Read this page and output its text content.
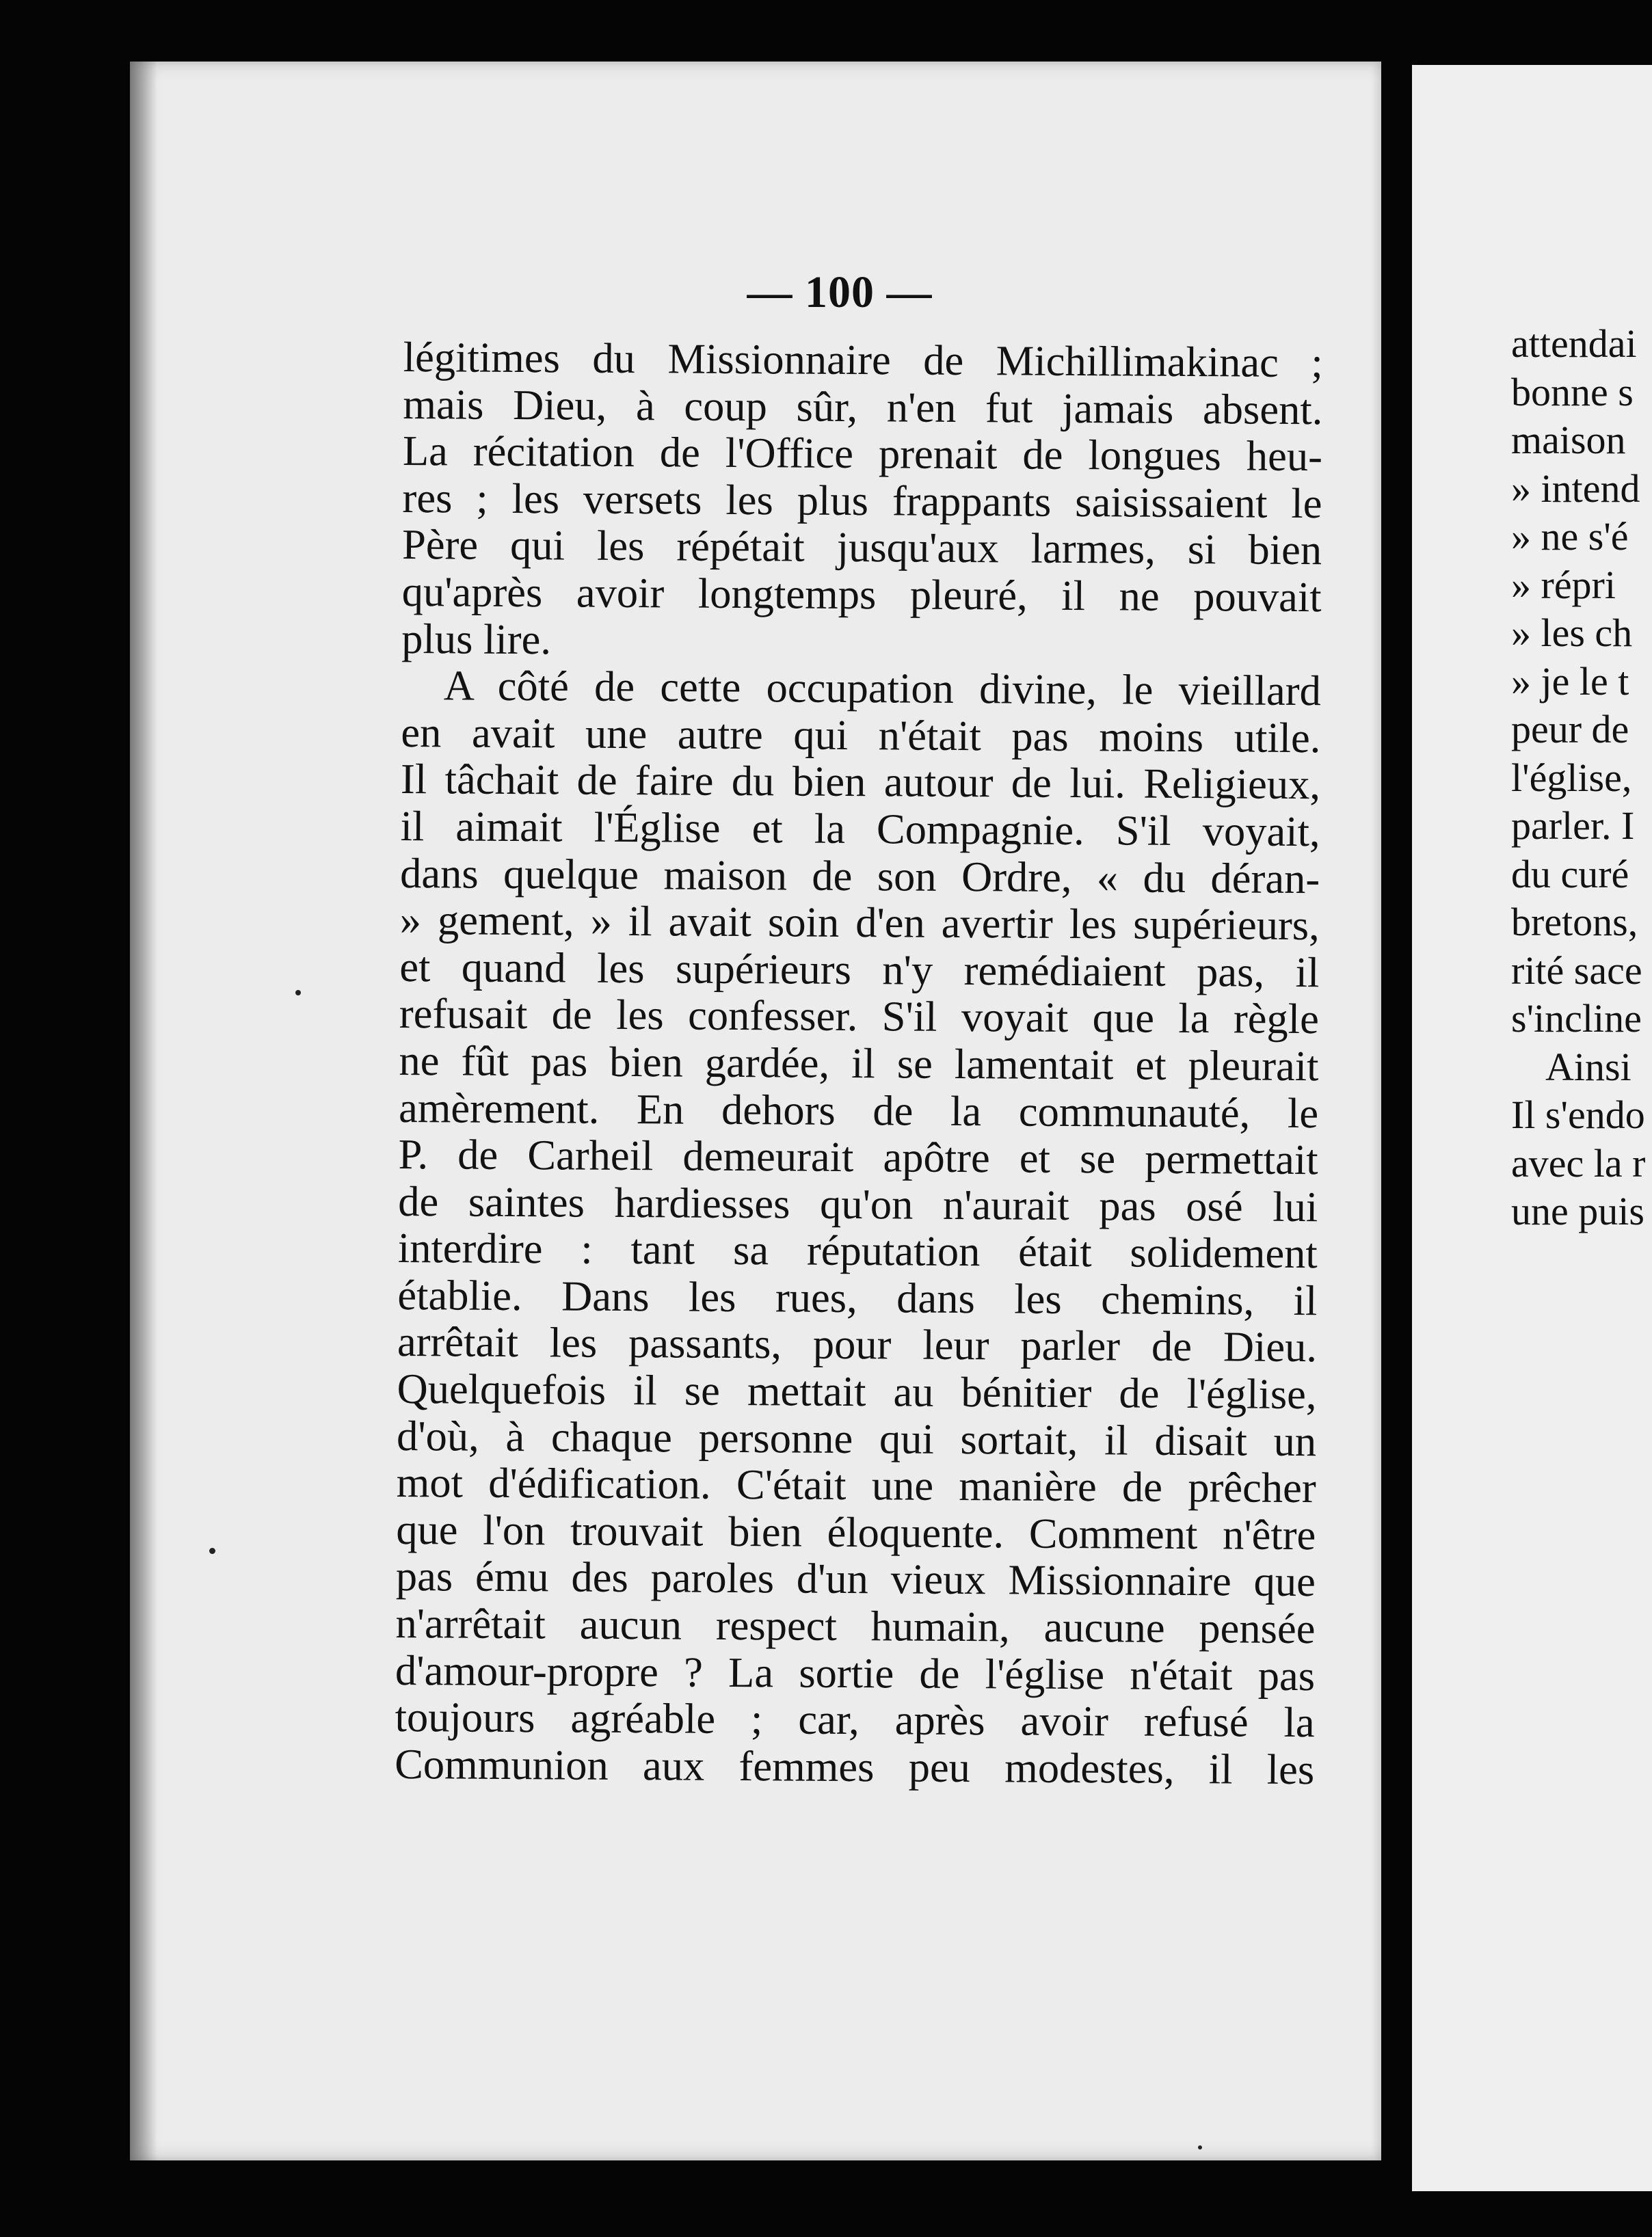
— 100 —
légitimes du Missionnaire de Michillimakinac ;
mais Dieu, à coup sûr, n'en fut jamais absent.
La récitation de l'Office prenait de longues heu-
res ; les versets les plus frappants saisissaient le
Père qui les répétait jusqu'aux larmes, si bien
qu'après avoir longtemps pleuré, il ne pouvait
plus lire.
A côté de cette occupation divine, le vieillard
en avait une autre qui n'était pas moins utile.
Il tâchait de faire du bien autour de lui. Religieux,
il aimait l'Église et la Compagnie. S'il voyait,
dans quelque maison de son Ordre, « du déran-
» gement, » il avait soin d'en avertir les supérieurs,
et quand les supérieurs n'y remédiaient pas, il
refusait de les confesser. S'il voyait que la règle
ne fût pas bien gardée, il se lamentait et pleurait
amèrement. En dehors de la communauté, le
P. de Carheil demeurait apôtre et se permettait
de saintes hardiesses qu'on n'aurait pas osé lui
interdire : tant sa réputation était solidement
établie. Dans les rues, dans les chemins, il
arrêtait les passants, pour leur parler de Dieu.
Quelquefois il se mettait au bénitier de l'église,
d'où, à chaque personne qui sortait, il disait un
mot d'édification. C'était une manière de prêcher
que l'on trouvait bien éloquente. Comment n'être
pas ému des paroles d'un vieux Missionnaire que
n'arrêtait aucun respect humain, aucune pensée
d'amour-propre ? La sortie de l'église n'était pas
toujours agréable ; car, après avoir refusé la
Communion aux femmes peu modestes, il les
attendai
bonne s
maison
» intend
» ne s'é
» répri
» les ch
» je le t
peur de
l'église,
parler. I
du curé
bretons,
rité sace
s'incline
Ainsi
Il s'endo
avec la r
une puis
